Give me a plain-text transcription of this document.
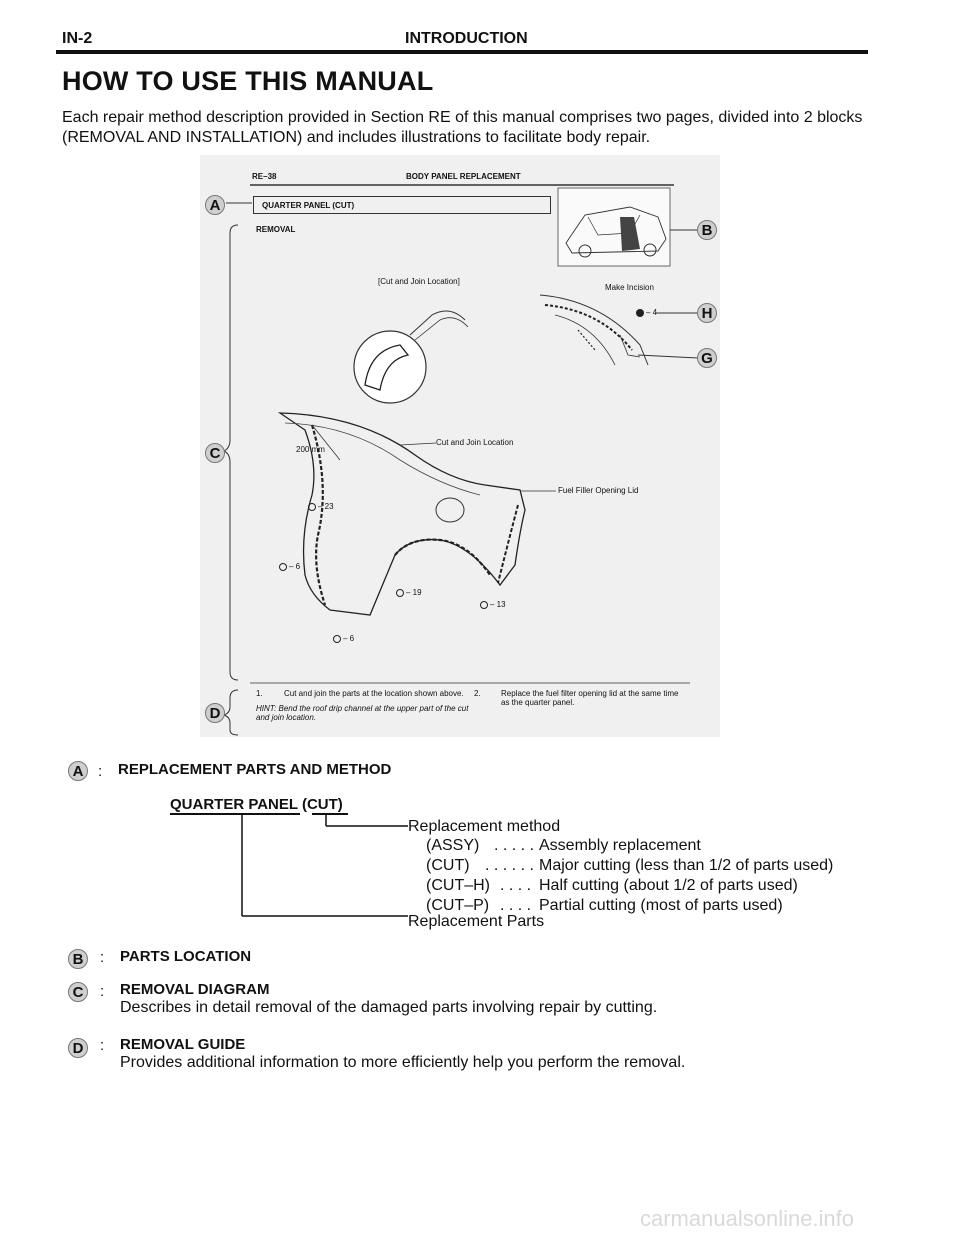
IN-2	INTRODUCTION
HOW TO USE THIS MANUAL
Each repair method description provided in Section RE of this manual comprises two pages, divided into 2 blocks (REMOVAL AND INSTALLATION) and includes illustrations to facilitate body repair.
RE–38	BODY PANEL REPLACEMENT
REMOVAL
[Cut and Join Location]
Make Incision
Cut and Join Location
200 mm
Fuel Filler Opening Lid
– 23
– 6
– 19
– 13
– 6
– 4
1.	Cut and join the parts at the location shown above.
HINT: Bend the roof drip channel at the upper part of the cut and join location.
2.	Replace the fuel filter opening lid at the same time as the quarter panel.
QUARTER PANEL (CUT)
A
B
C
D
G
H
A : REPLACEMENT PARTS AND METHOD
QUARTER PANEL (CUT)
Replacement method
(ASSY) . . . . . Assembly replacement
(CUT) . . . . . . Major cutting (less than 1/2 of parts used)
(CUT–H) . . . . Half cutting (about 1/2 of parts used)
(CUT–P) . . . . Partial cutting (most of parts used)
Replacement Parts
B	: PARTS LOCATION
C	: REMOVAL DIAGRAM
Describes in detail removal of the damaged parts involving repair by cutting.
D	: REMOVAL GUIDE
Provides additional information to more efficiently help you perform the removal.
carmanualsonline.info
